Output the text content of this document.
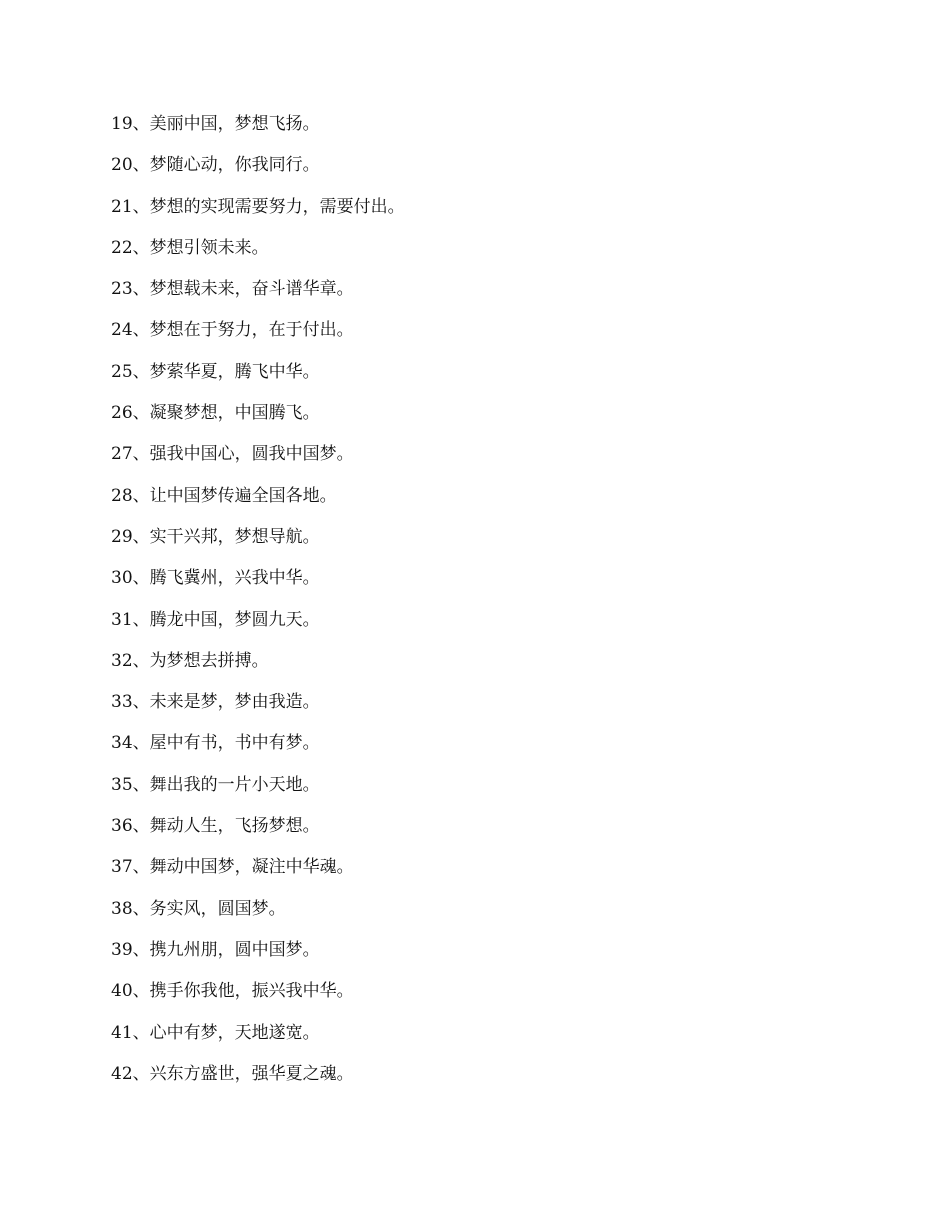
19、美丽中国，梦想飞扬。
20、梦随心动，你我同行。
21、梦想的实现需要努力，需要付出。
22、梦想引领未来。
23、梦想载未来，奋斗谱华章。
24、梦想在于努力，在于付出。
25、梦萦华夏，腾飞中华。
26、凝聚梦想，中国腾飞。
27、强我中国心，圆我中国梦。
28、让中国梦传遍全国各地。
29、实干兴邦，梦想导航。
30、腾飞冀州，兴我中华。
31、腾龙中国，梦圆九天。
32、为梦想去拼搏。
33、未来是梦，梦由我造。
34、屋中有书，书中有梦。
35、舞出我的一片小天地。
36、舞动人生，飞扬梦想。
37、舞动中国梦，凝注中华魂。
38、务实风，圆国梦。
39、携九州朋，圆中国梦。
40、携手你我他，振兴我中华。
41、心中有梦，天地遂宽。
42、兴东方盛世，强华夏之魂。
